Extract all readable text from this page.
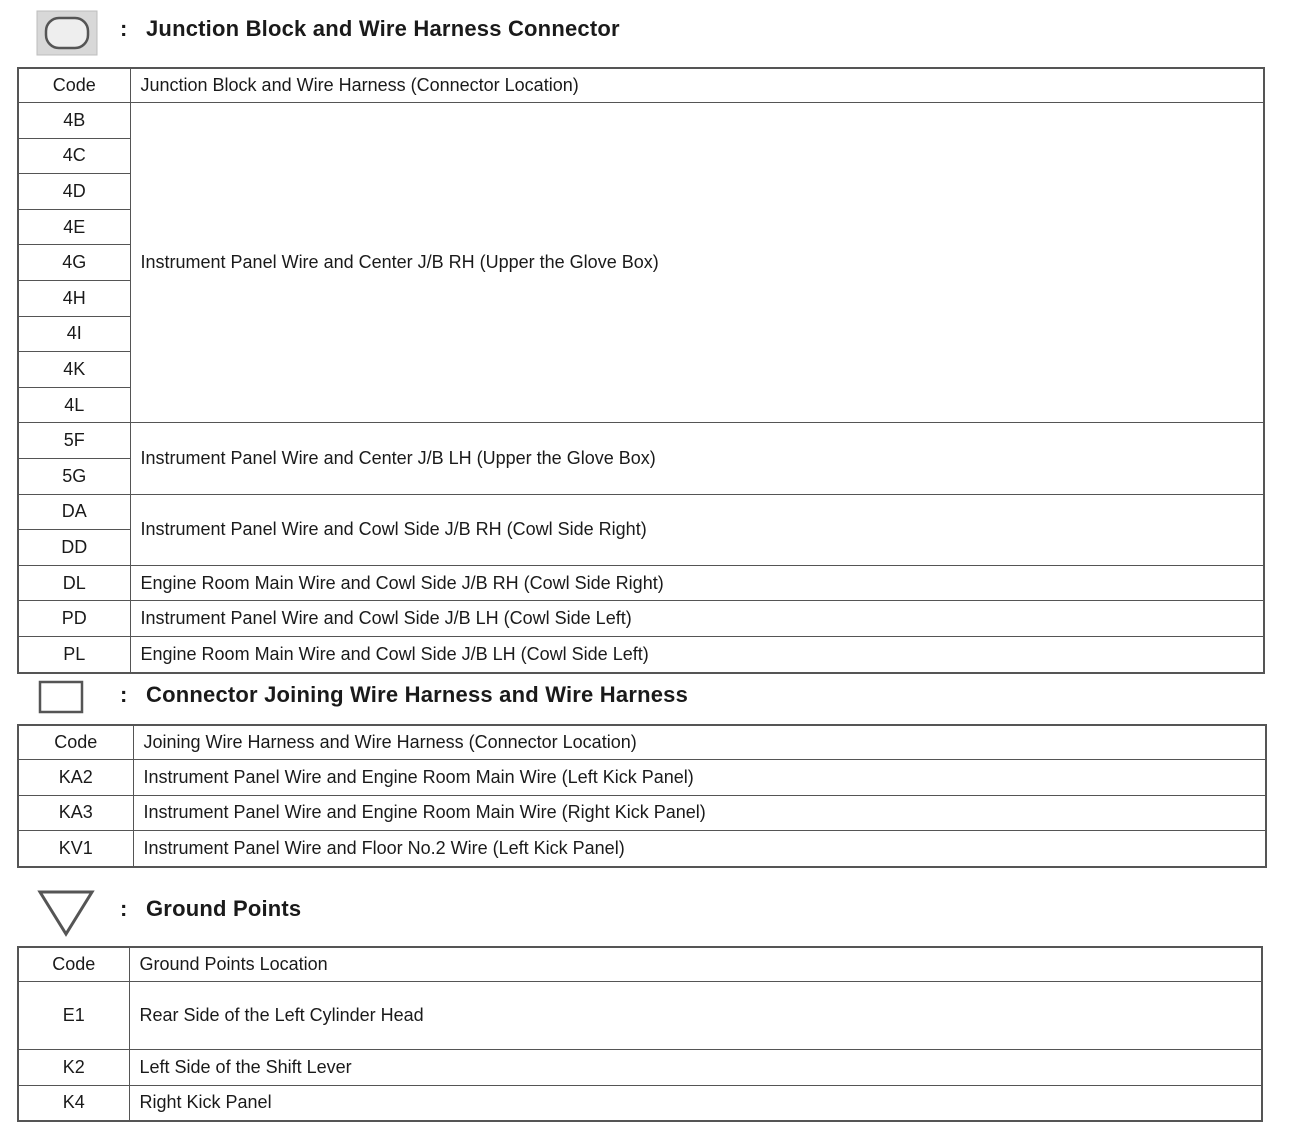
: Junction Block and Wire Harness Connector
Code	Junction Block and Wire Harness (Connector Location)
4B	Instrument Panel Wire and Center J/B RH (Upper the Glove Box)
4C	
4D	
4E	
4G	
4H	
4I	
4K	
4L	
5F	Instrument Panel Wire and Center J/B LH (Upper the Glove Box)
5G	
DA	Instrument Panel Wire and Cowl Side J/B RH (Cowl Side Right)
DD	
DL	Engine Room Main Wire and Cowl Side J/B RH (Cowl Side Right)
PD	Instrument Panel Wire and Cowl Side J/B LH (Cowl Side Left)
PL	Engine Room Main Wire and Cowl Side J/B LH (Cowl Side Left)
: Connector Joining Wire Harness and Wire Harness
Code	Joining Wire Harness and Wire Harness (Connector Location)
KA2	Instrument Panel Wire and Engine Room Main Wire (Left Kick Panel)
KA3	Instrument Panel Wire and Engine Room Main Wire (Right Kick Panel)
KV1	Instrument Panel Wire and Floor No.2 Wire (Left Kick Panel)
: Ground Points
Code	Ground Points Location
E1	Rear Side of the Left Cylinder Head
K2	Left Side of the Shift Lever
K4	Right Kick Panel
